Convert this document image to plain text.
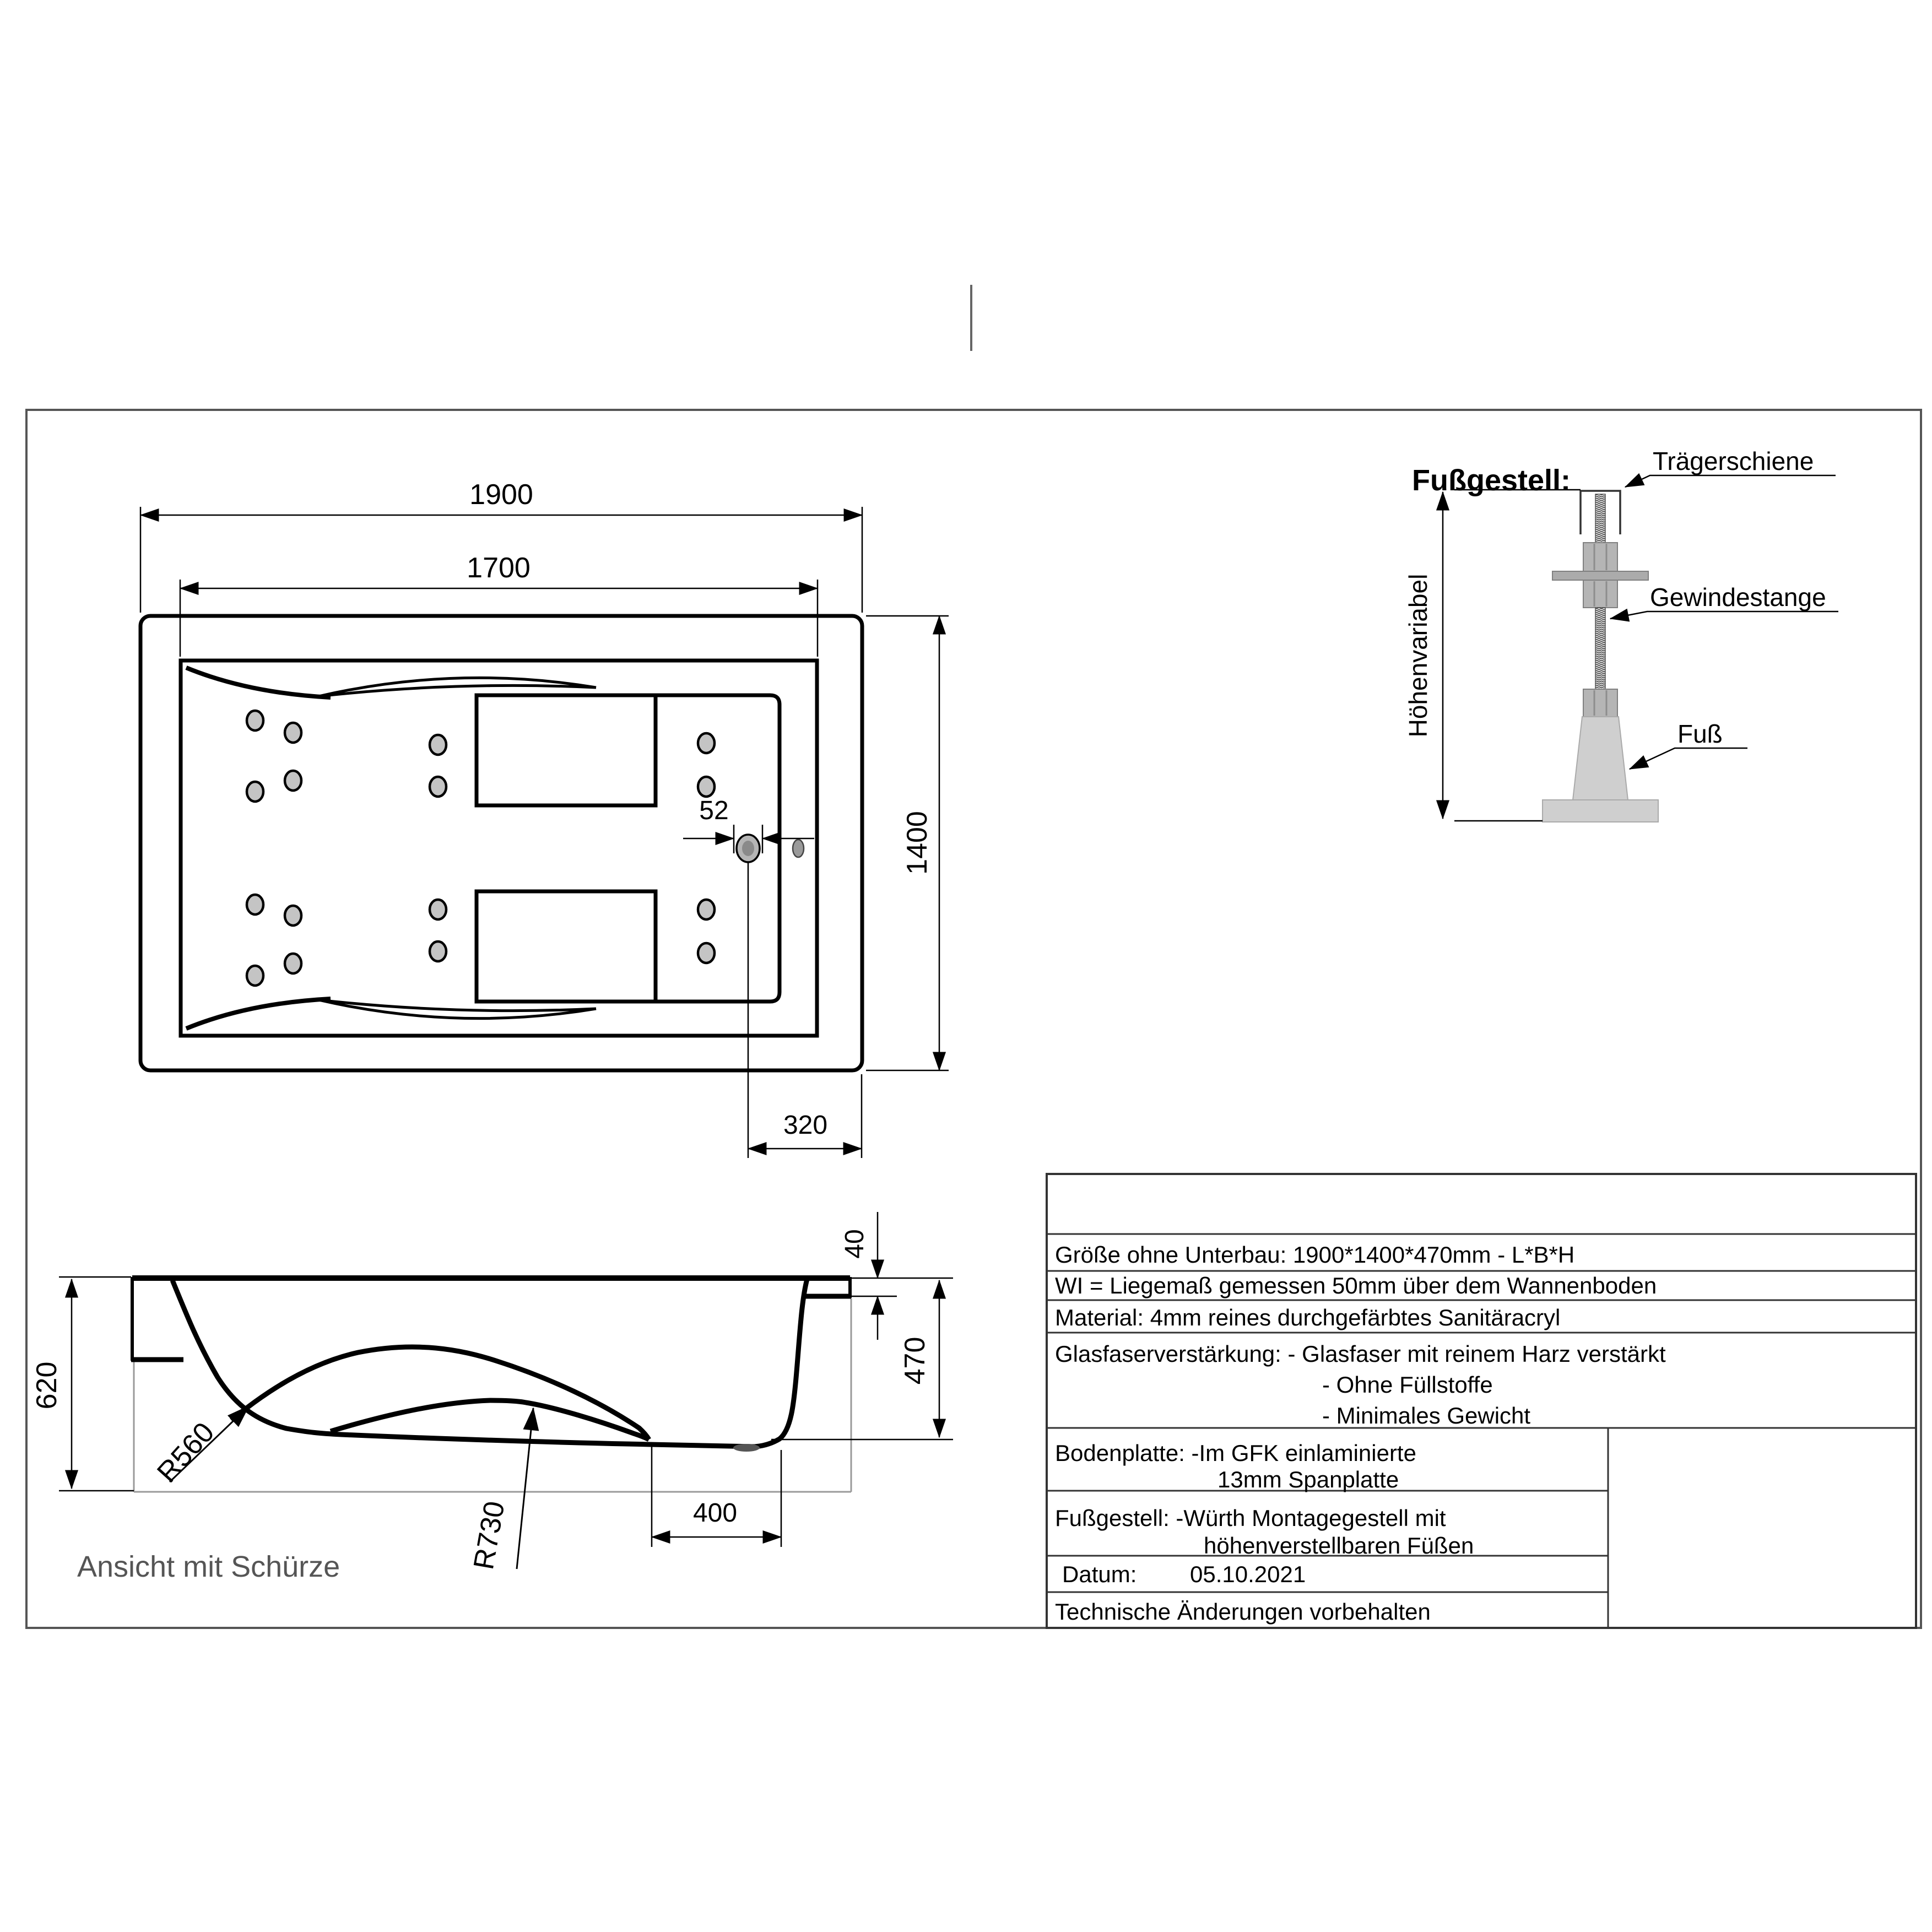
1900
1700
1400
52
320
620
40
470
400
R560
R730
Ansicht mit Schürze
Fußgestell:
Höhenvariabel
Trägerschiene
Gewindestange
Fuß
Größe ohne Unterbau: 1900*1400*470mm - L*B*H
WI = Liegemaß gemessen 50mm über dem Wannenboden
Material: 4mm reines durchgefärbtes Sanitäracryl
Glasfaserverstärkung: - Glasfaser mit reinem Harz verstärkt
- Ohne Füllstoffe
- Minimales Gewicht
Bodenplatte: -Im GFK einlaminierte
13mm Spanplatte
Fußgestell: -Würth Montagegestell mit
höhenverstellbaren Füßen
Datum: 05.10.2021
Technische Änderungen vorbehalten
